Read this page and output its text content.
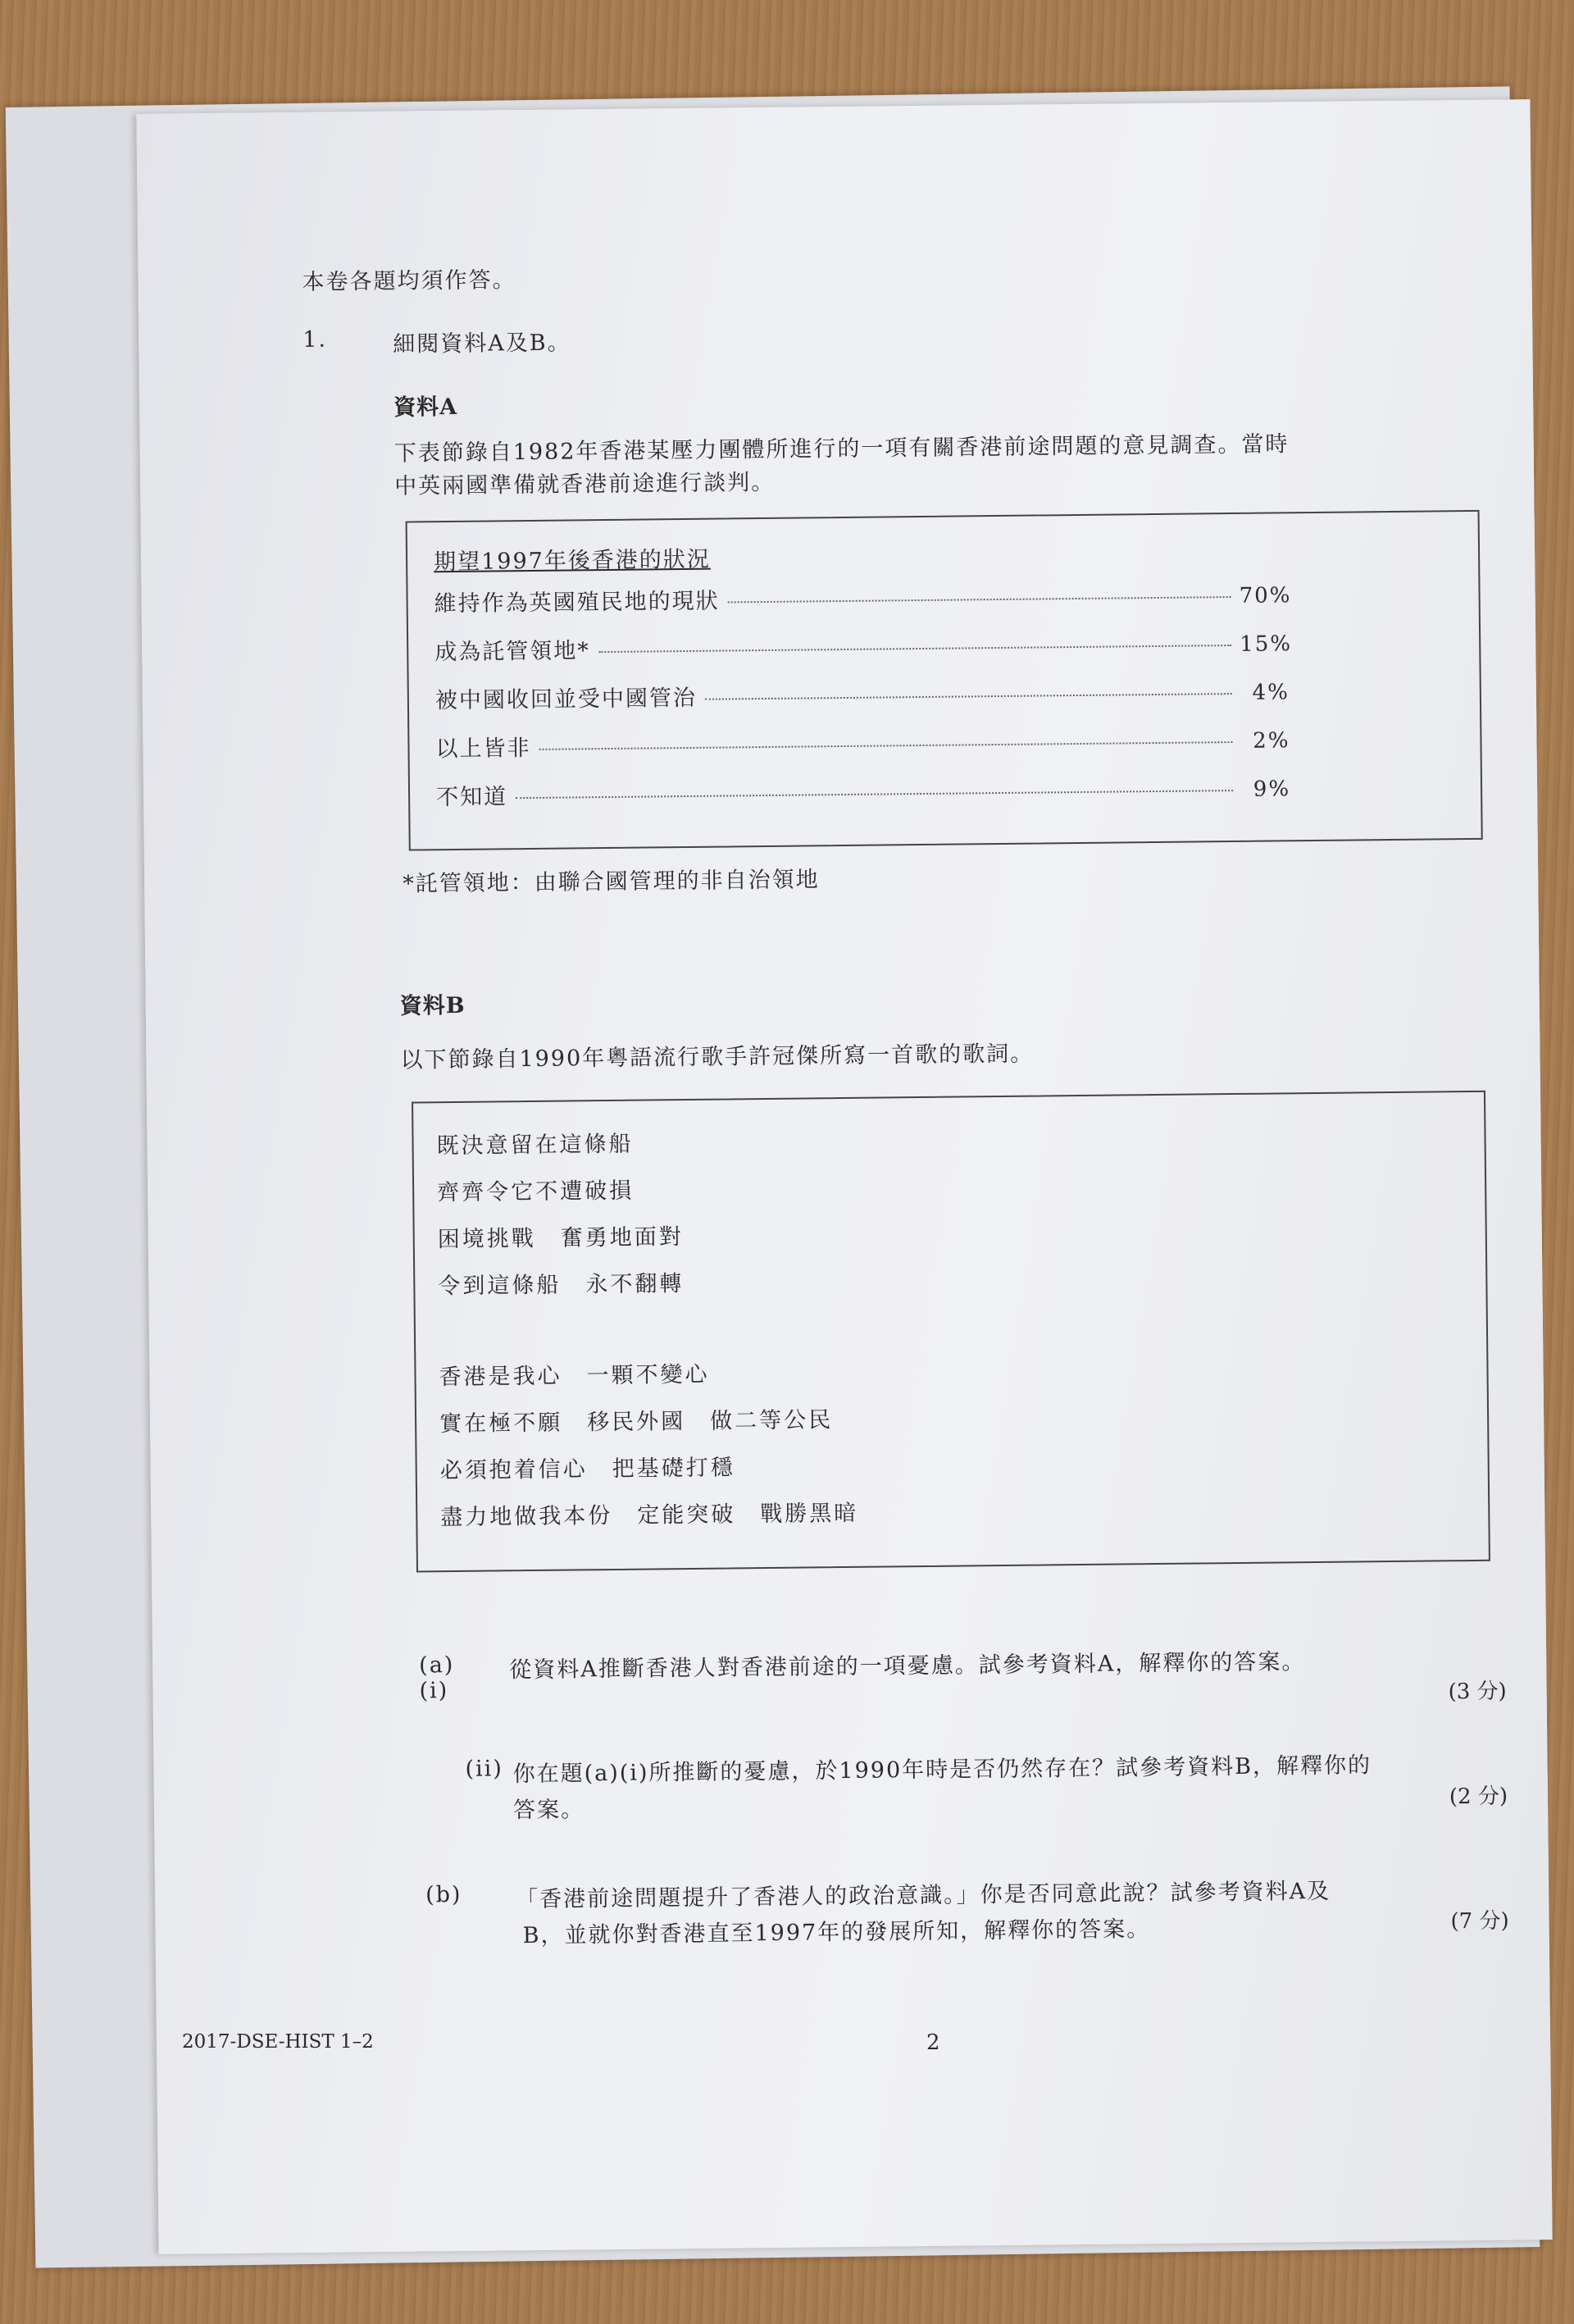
本卷各題均須作答。
1.	細閱資料A及B。
資料A
下表節錄自1982年香港某壓力團體所進行的一項有關香港前途問題的意見調查。當時
中英兩國準備就香港前途進行談判。
期望1997年後香港的狀況
維持作為英國殖民地的現狀	70%
成為託管領地*	15%
被中國收回並受中國管治	4%
以上皆非	2%
不知道	9%
*託管領地：由聯合國管理的非自治領地
資料B
以下節錄自1990年粵語流行歌手許冠傑所寫一首歌的歌詞。
既決意留在這條船
齊齊令它不遭破損
困境挑戰　奮勇地面對
令到這條船　永不翻轉
香港是我心　一顆不變心
實在極不願　移民外國　做二等公民
必須抱着信心　把基礎打穩
盡力地做我本份　定能突破　戰勝黑暗
(a) (i)
從資料A推斷香港人對香港前途的一項憂慮。試參考資料A，解釋你的答案。
(3 分)
(ii) 你在題(a)(i)所推斷的憂慮，於1990年時是否仍然存在？試參考資料B，解釋你的
答案。
(2 分)
(b) 「香港前途問題提升了香港人的政治意識。」你是否同意此說？試參考資料A及
B，並就你對香港直至1997年的發展所知，解釋你的答案。	(7 分)
2017-DSE-HIST 1–2	2
